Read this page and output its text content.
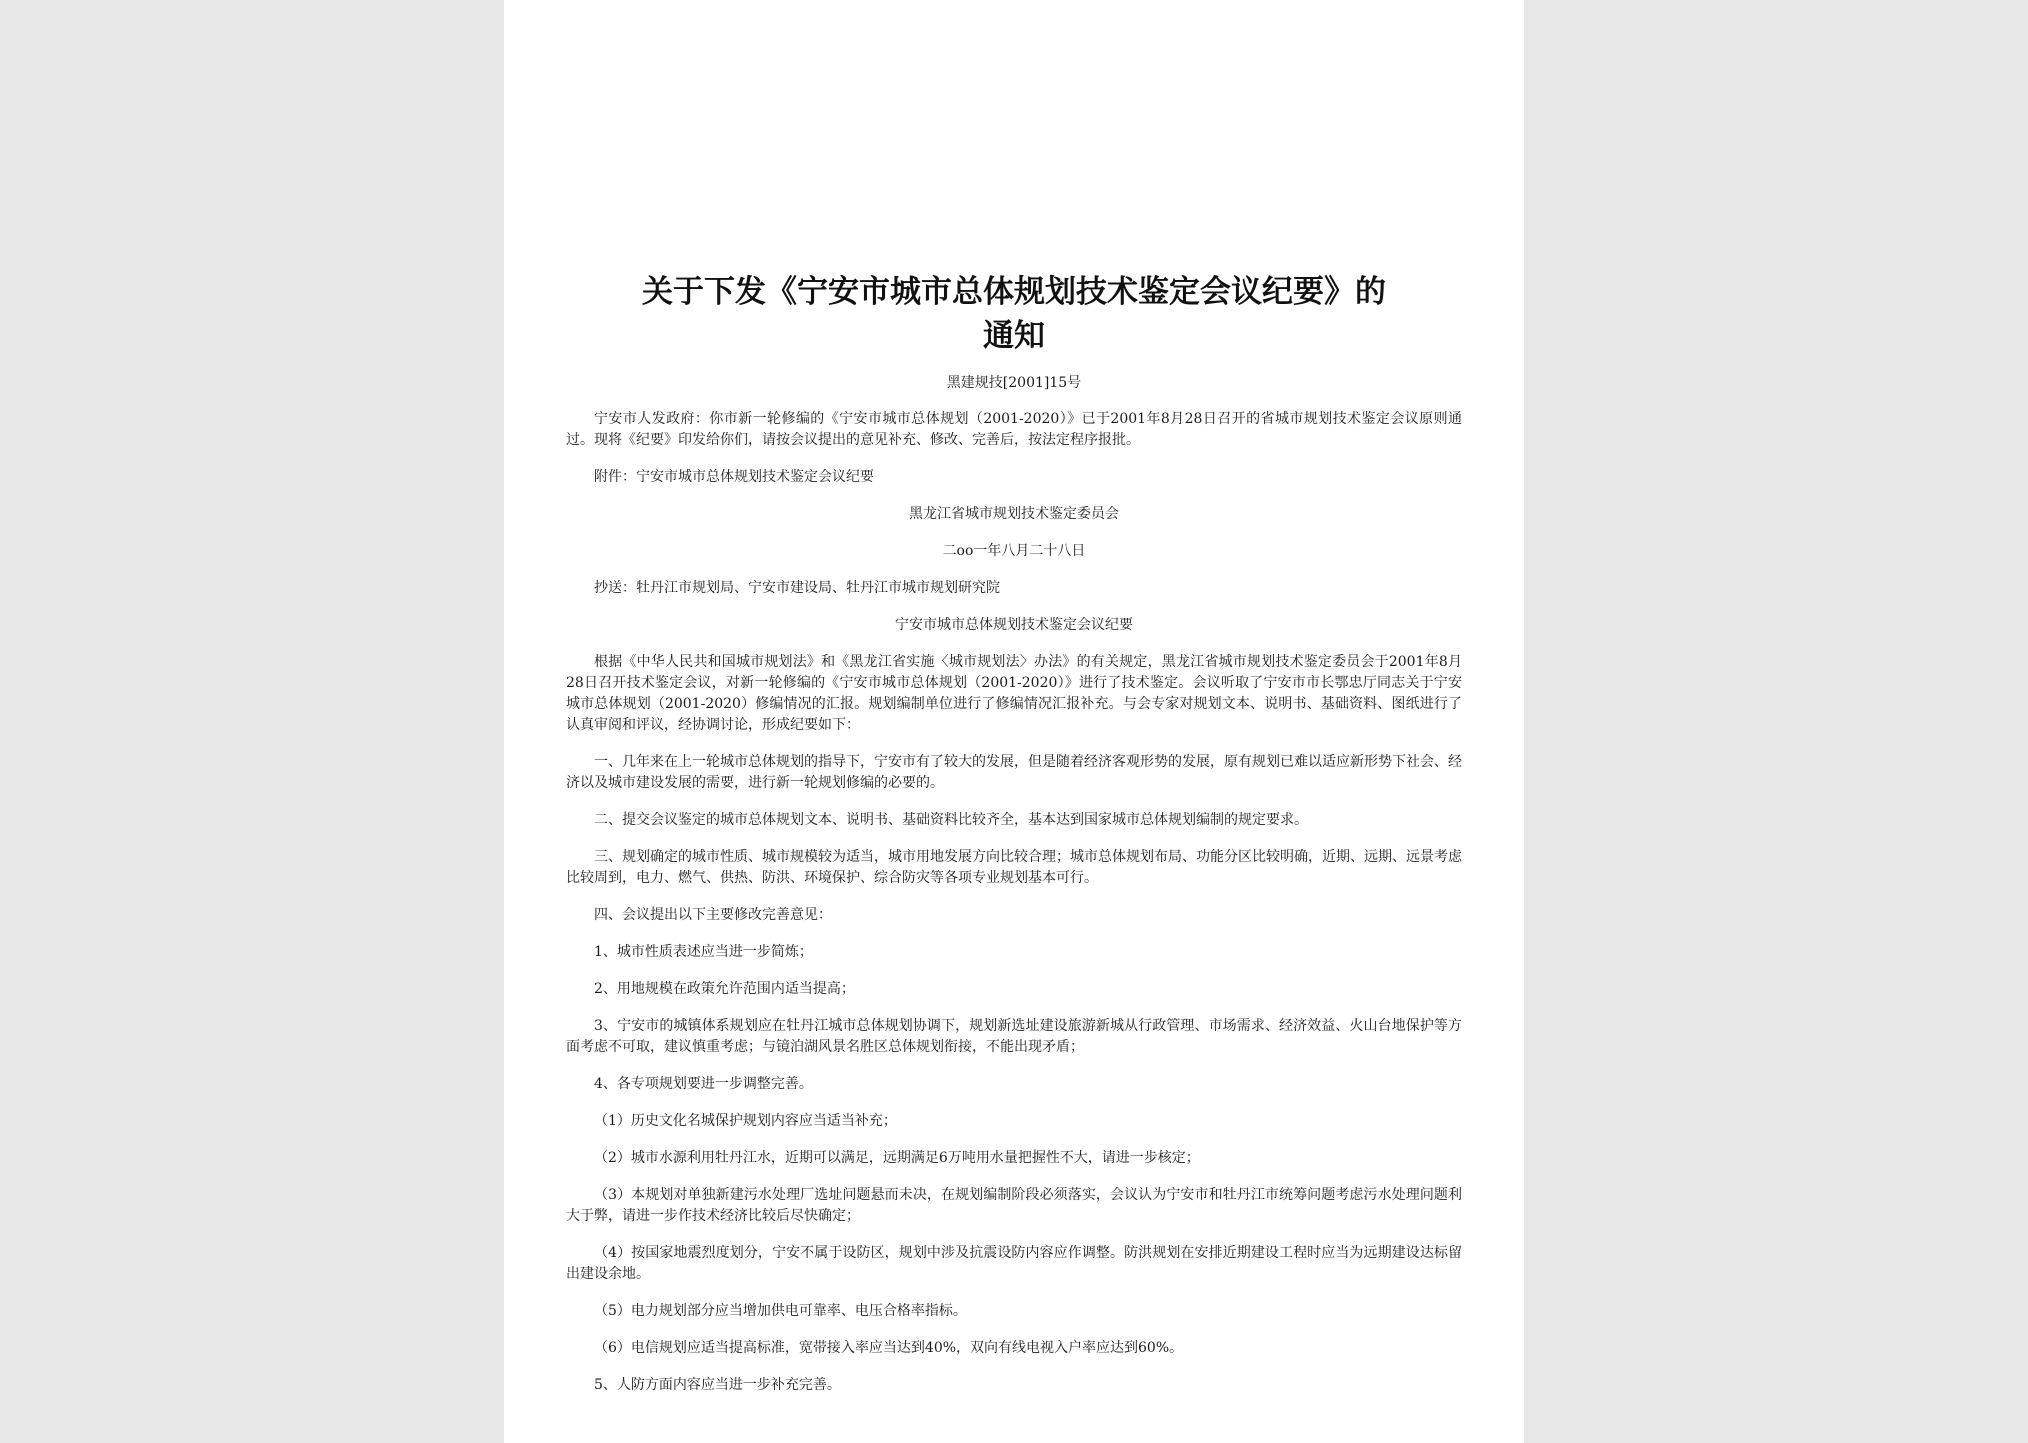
关于下发《宁安市城市总体规划技术鉴定会议纪要》的
通知
黑建规技[2001]15号

宁安市人发政府：你市新一轮修编的《宁安市城市总体规划（2001-2020）》已于2001年8月28日召开的省城市规划技术鉴定会议原则通过。现将《纪要》印发给你们，请按会议提出的意见补充、修改、完善后，按法定程序报批。

附件：宁安市城市总体规划技术鉴定会议纪要

黑龙江省城市规划技术鉴定委员会

二oo一年八月二十八日

抄送：牡丹江市规划局、宁安市建设局、牡丹江市城市规划研究院

宁安市城市总体规划技术鉴定会议纪要

根据《中华人民共和国城市规划法》和《黑龙江省实施〈城市规划法〉办法》的有关规定，黑龙江省城市规划技术鉴定委员会于2001年8月28日召开技术鉴定会议，对新一轮修编的《宁安市城市总体规划（2001-2020）》进行了技术鉴定。会议听取了宁安市市长鄂忠厅同志关于宁安城市总体规划（2001-2020）修编情况的汇报。规划编制单位进行了修编情况汇报补充。与会专家对规划文本、说明书、基础资料、图纸进行了认真审阅和评议，经协调讨论，形成纪要如下：

一、几年来在上一轮城市总体规划的指导下，宁安市有了较大的发展，但是随着经济客观形势的发展，原有规划已难以适应新形势下社会、经济以及城市建设发展的需要，进行新一轮规划修编的必要的。

二、提交会议鉴定的城市总体规划文本、说明书、基础资料比较齐全，基本达到国家城市总体规划编制的规定要求。

三、规划确定的城市性质、城市规模较为适当，城市用地发展方向比较合理；城市总体规划布局、功能分区比较明确，近期、远期、远景考虑比较周到，电力、燃气、供热、防洪、环境保护、综合防灾等各项专业规划基本可行。

四、会议提出以下主要修改完善意见：

1、城市性质表述应当进一步简炼；

2、用地规模在政策允许范围内适当提高；

3、宁安市的城镇体系规划应在牡丹江城市总体规划协调下，规划新选址建设旅游新城从行政管理、市场需求、经济效益、火山台地保护等方面考虑不可取，建议慎重考虑；与镜泊湖风景名胜区总体规划衔接，不能出现矛盾；

4、各专项规划要进一步调整完善。

（1）历史文化名城保护规划内容应当适当补充；

（2）城市水源利用牡丹江水，近期可以满足，远期满足6万吨用水量把握性不大，请进一步核定；

（3）本规划对单独新建污水处理厂选址问题悬而未决，在规划编制阶段必须落实，会议认为宁安市和牡丹江市统筹问题考虑污水处理问题利大于弊，请进一步作技术经济比较后尽快确定；

（4）按国家地震烈度划分，宁安不属于设防区，规划中涉及抗震设防内容应作调整。防洪规划在安排近期建设工程时应当为远期建设达标留出建设余地。

（5）电力规划部分应当增加供电可靠率、电压合格率指标。

（6）电信规划应适当提高标准，宽带接入率应当达到40%，双向有线电视入户率应达到60%。

5、人防方面内容应当进一步补充完善。
